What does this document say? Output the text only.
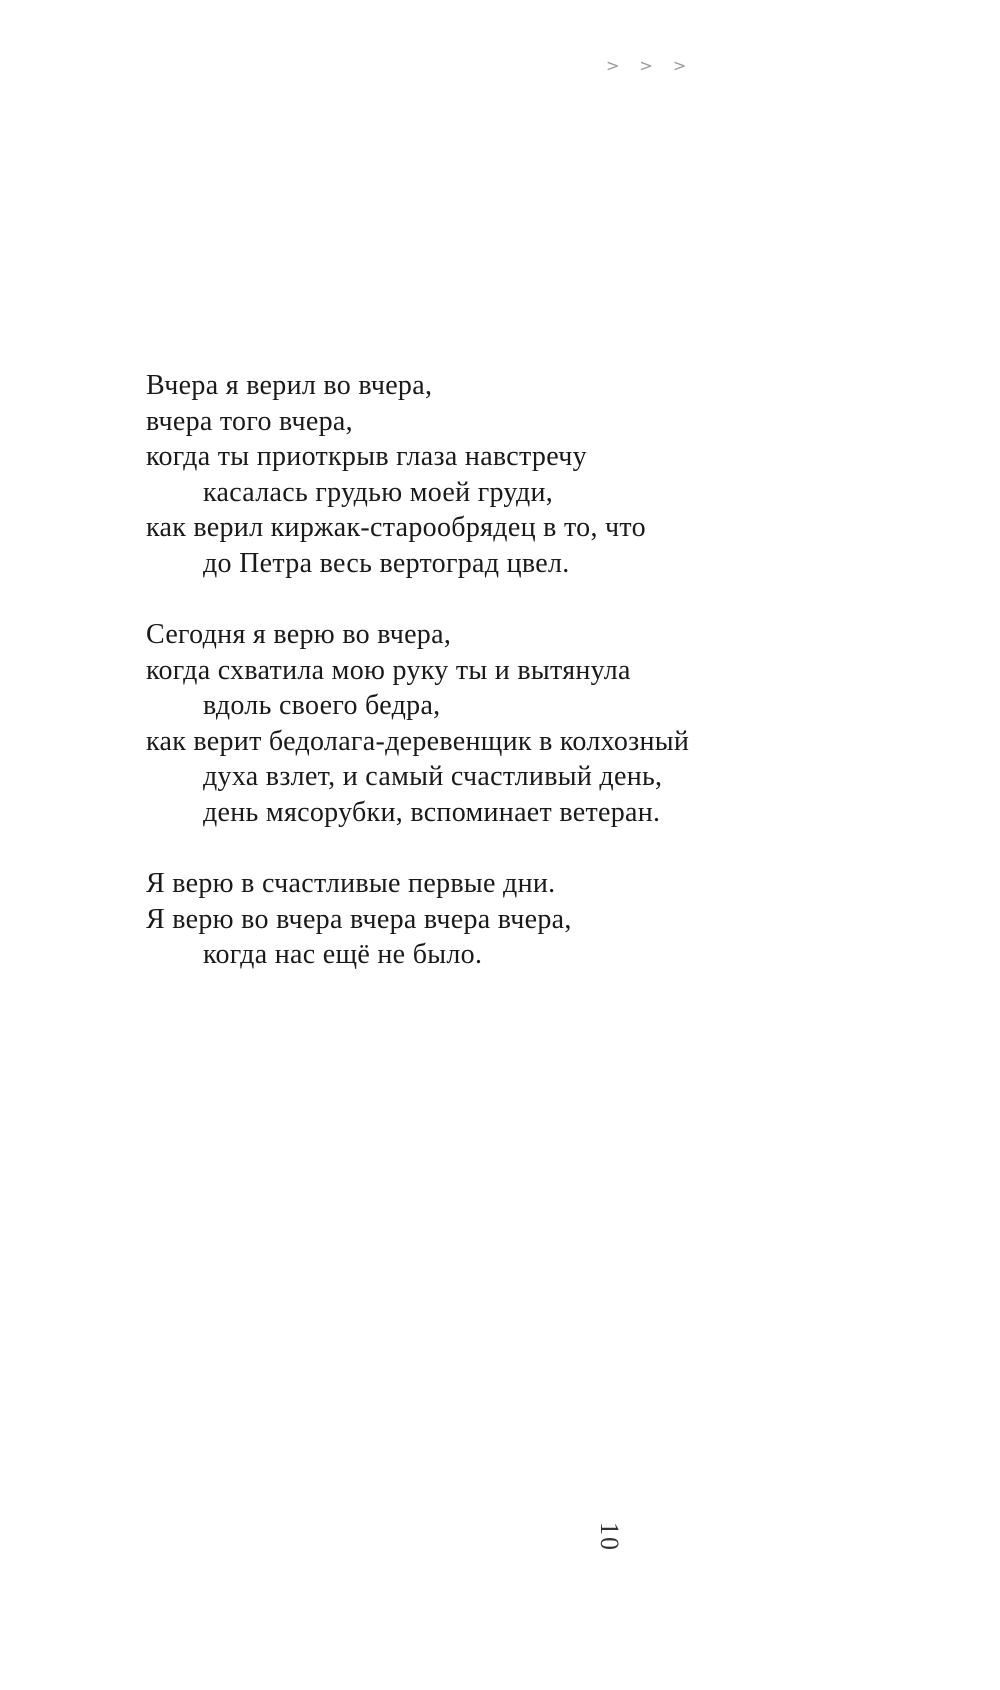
> > >
Вчера я верил во вчера,
вчера того вчера,
когда ты приоткрыв глаза навстречу
касалась грудью моей груди,
как верил киржак-старообрядец в то, что
до Петра весь вертоград цвел.
Сегодня я верю во вчера,
когда схватила мою руку ты и вытянула
вдоль своего бедра,
как верит бедолага-деревенщик в колхозный
духа взлет, и самый счастливый день,
день мясорубки, вспоминает ветеран.
Я верю в счастливые первые дни.
Я верю во вчера вчера вчера вчера,
когда нас ещё не было.
10
